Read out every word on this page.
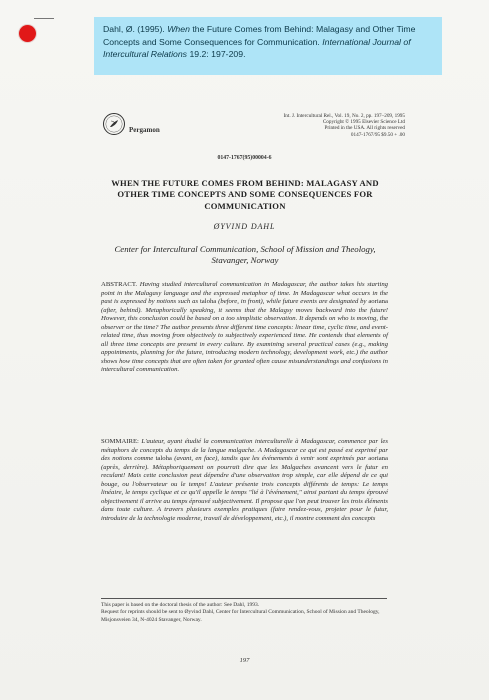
Dahl, Ø. (1995). When the Future Comes from Behind: Malagasy and Other Time Concepts and Some Consequences for Communication. International Journal of Intercultural Relations 19.2: 197-209.
Pergamon
Int. J. Intercultural Rel., Vol. 19, No. 2, pp. 197–209, 1995
Copyright © 1995 Elsevier Science Ltd
Printed in the USA. All rights reserved
0147-1767/95 $9.50 + .00
0147-1767(95)00004-6
WHEN THE FUTURE COMES FROM BEHIND: MALAGASY AND OTHER TIME CONCEPTS AND SOME CONSEQUENCES FOR COMMUNICATION
ØYVIND DAHL
Center for Intercultural Communication, School of Mission and Theology, Stavanger, Norway
ABSTRACT. Having studied intercultural communication in Madagascar, the author takes his starting point in the Malagasy language and the expressed metaphor of time. In Madagascar what occurs in the past is expressed by notions such as taloha (before, in front), while future events are designated by aoriana (after, behind). Metaphorically speaking, it seems that the Malagsy moves backward into the future! However, this conclusion could be based on a too simplistic observation. It depends on who is moving, the observer or the time? The author presents three different time concepts: linear time, cyclic time, and event-related time, thus moving from objectively to subjectively experienced time. He contends that elements of all three time concepts are present in every culture. By examining several practical cases (e.g., making appointments, planning for the future, introducing modern technology, development work, etc.) the author shows how time concepts that are often taken for granted often cause misunderstandings and confusions in intercultural communication.
SOMMAIRE: L'auteur, ayant étudié la communication interculturelle à Madagascar, commence par les métaphors de concepts du temps de la langue malgache. A Madagascar ce qui est passé est exprimé par des notions comme taloha (avant, en face), tandis que les événements à venir sont exprimés par aoriana (après, derrière). Métaphoriquement on pourrait dire que les Malgaches avancent vers le futur en reculant! Mais cette conclusion peut dépendre d'une observation trop simple, car elle dépend de ce qui bouge, ou l'observateur ou le temps! L'auteur présente trois concepts différents de temps: Le temps linéaire, le temps cyclique et ce qu'il appelle le temps "lié à l'événement," ainsi partant du temps éprouvé objectivement il arrive au temps éprouvé subjectivement. Il propose que l'on peut trouver les trois éléments dans toute culture. A travers plusieurs exemples pratiques (faire rendez-vous, projeter pour le futur, introduire de la technologie moderne, travail de développement, etc.), il montre comment des concepts

This paper is based on the doctoral thesis of the author: See Dahl, 1993.

Request for reprints should be sent to Øyvind Dahl, Center for Intercultural Communication, School of Mission and Theology, Misjonsveien 34, N-4024 Stavanger, Norway.

197
